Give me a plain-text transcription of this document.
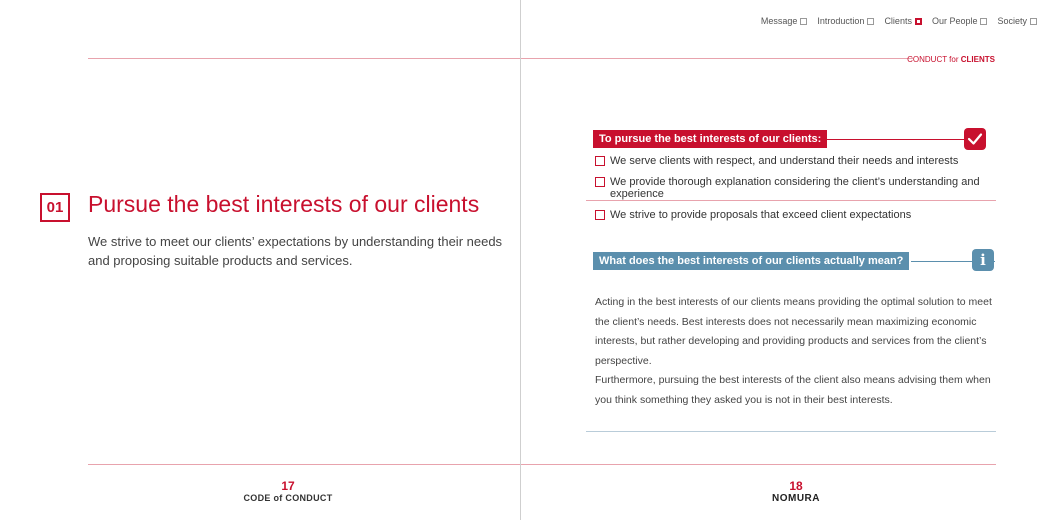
01 Pursue the best interests of our clients
We strive to meet our clients’ expectations by understanding their needs and proposing suitable products and services.
17
CODE of CONDUCT
Message Introduction Clients Our People Society
CONDUCT for CLIENTS
To pursue the best interests of our clients:
We serve clients with respect, and understand their needs and interests
We provide thorough explanation considering the client’s understanding and experience
We strive to provide proposals that exceed client expectations
What does the best interests of our clients actually mean?	i
Acting in the best interests of our clients means providing the optimal solution to meet the client’s needs. Best interests does not necessarily mean maximizing economic interests, but rather developing and providing products and services from the client’s perspective.
Furthermore, pursuing the best interests of the client also means advising them when you think something they asked you is not in their best interests.
18
NOMURA
